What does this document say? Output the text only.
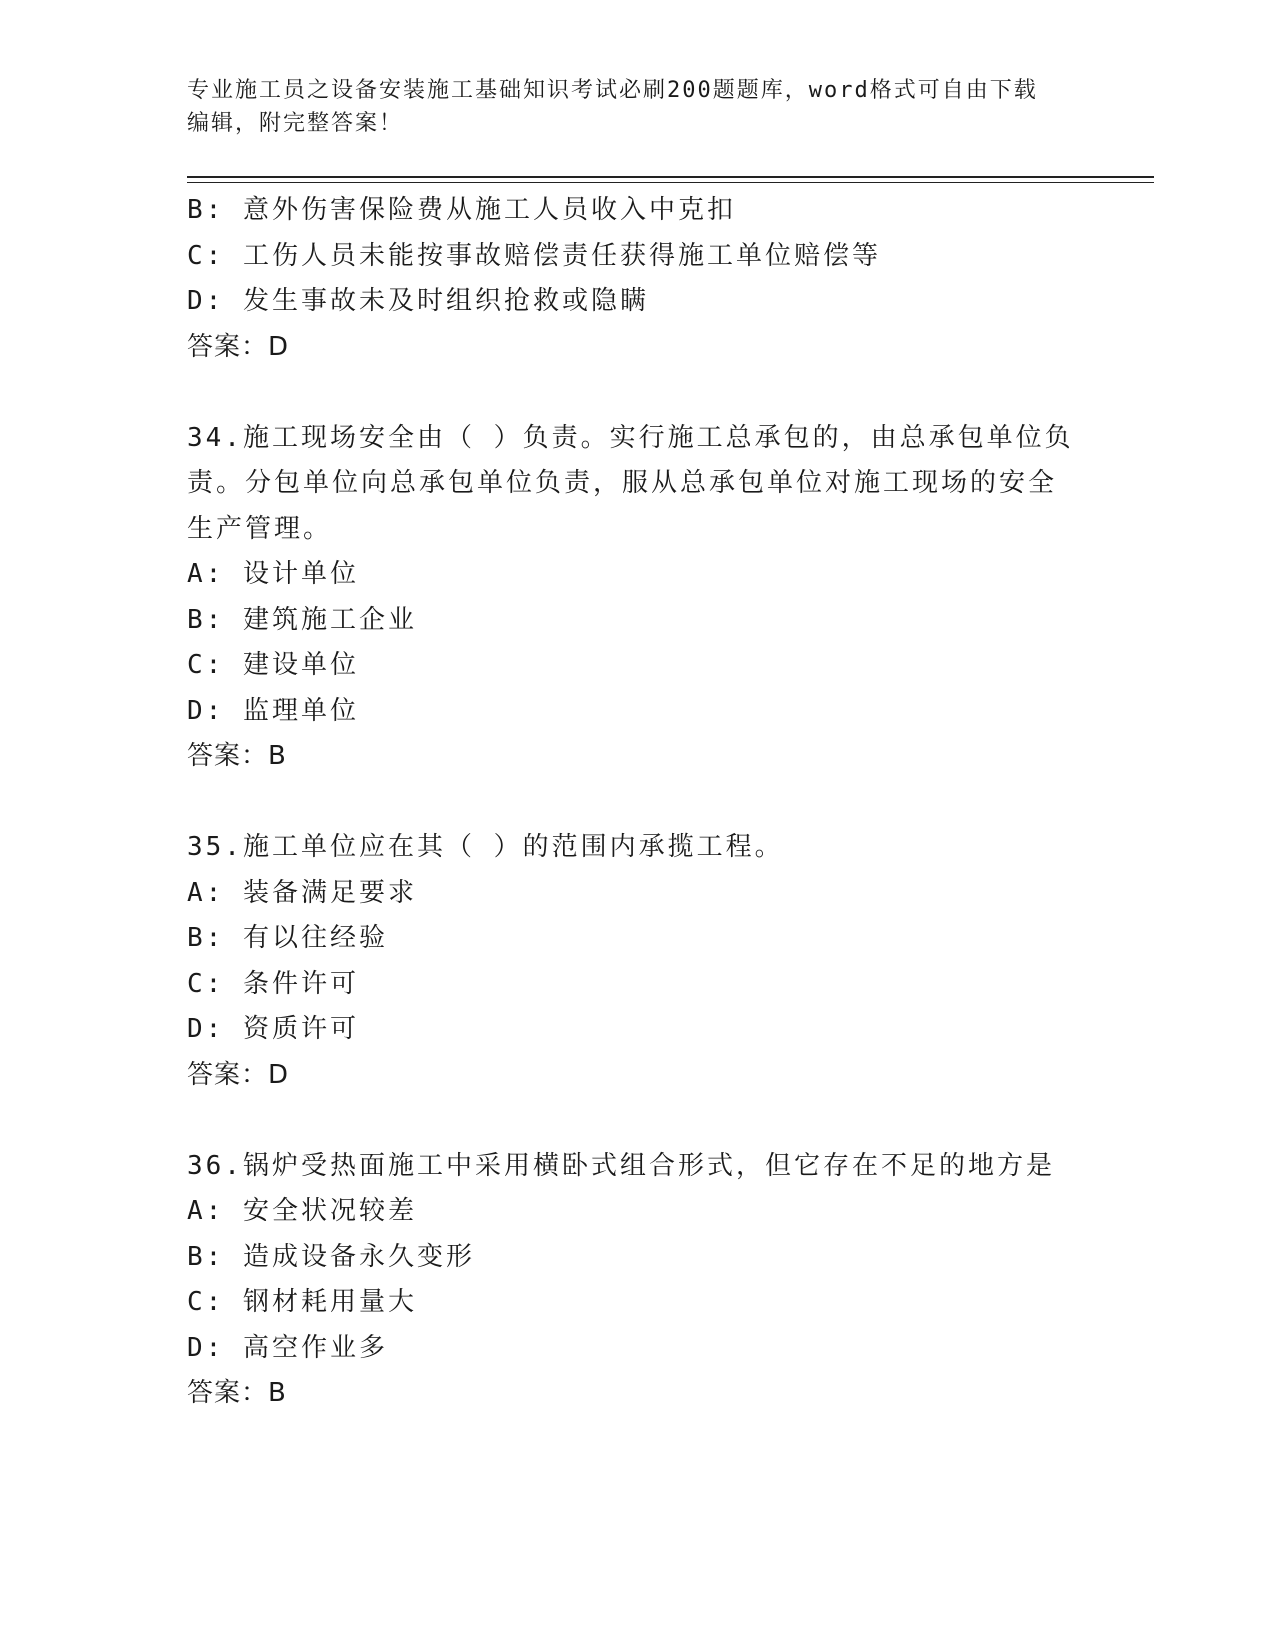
专业施工员之设备安装施工基础知识考试必刷200题题库，word格式可自由下载
编辑，附完整答案！
B: 意外伤害保险费从施工人员收入中克扣
C: 工伤人员未能按事故赔偿责任获得施工单位赔偿等
D: 发生事故未及时组织抢救或隐瞒
答案：D
34.施工现场安全由（ ）负责。实行施工总承包的，由总承包单位负
责。分包单位向总承包单位负责，服从总承包单位对施工现场的安全
生产管理。
A: 设计单位
B: 建筑施工企业
C: 建设单位
D: 监理单位
答案：B
35.施工单位应在其（ ）的范围内承揽工程。
A: 装备满足要求
B: 有以往经验
C: 条件许可
D: 资质许可
答案：D
36.锅炉受热面施工中采用横卧式组合形式，但它存在不足的地方是
A: 安全状况较差
B: 造成设备永久变形
C: 钢材耗用量大
D: 高空作业多
答案：B
